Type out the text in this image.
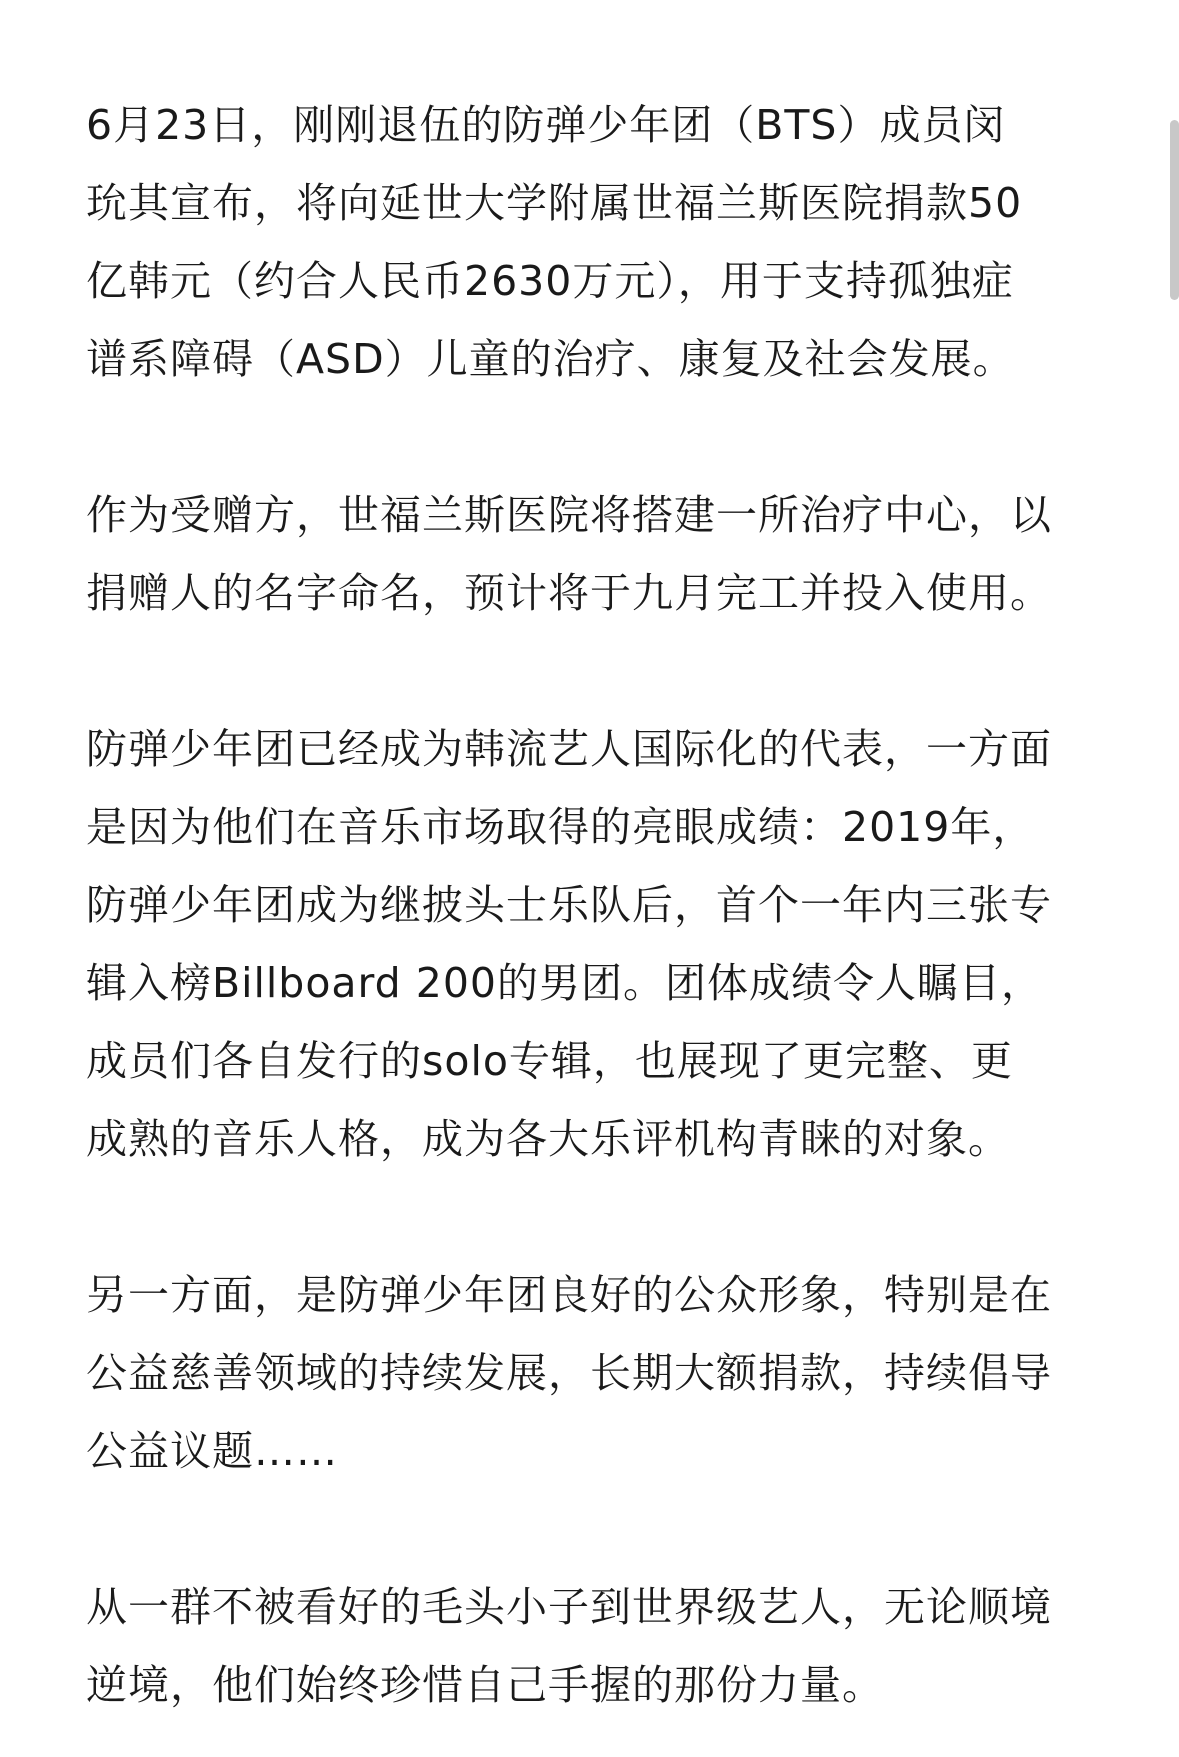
6月23日，刚刚退伍的防弹少年团（BTS）成员闵
玧其宣布，将向延世大学附属世福兰斯医院捐款50
亿韩元（约合人民币2630万元），用于支持孤独症
谱系障碍（ASD）儿童的治疗、康复及社会发展。

作为受赠方，世福兰斯医院将搭建一所治疗中心，以
捐赠人的名字命名，预计将于九月完工并投入使用。

防弹少年团已经成为韩流艺人国际化的代表，一方面
是因为他们在音乐市场取得的亮眼成绩：2019年，
防弹少年团成为继披头士乐队后，首个一年内三张专
辑入榜Billboard 200的男团。团体成绩令人瞩目，
成员们各自发行的solo专辑，也展现了更完整、更
成熟的音乐人格，成为各大乐评机构青睐的对象。

另一方面，是防弹少年团良好的公众形象，特别是在
公益慈善领域的持续发展，长期大额捐款，持续倡导
公益议题……

从一群不被看好的毛头小子到世界级艺人，无论顺境
逆境，他们始终珍惜自己手握的那份力量。
